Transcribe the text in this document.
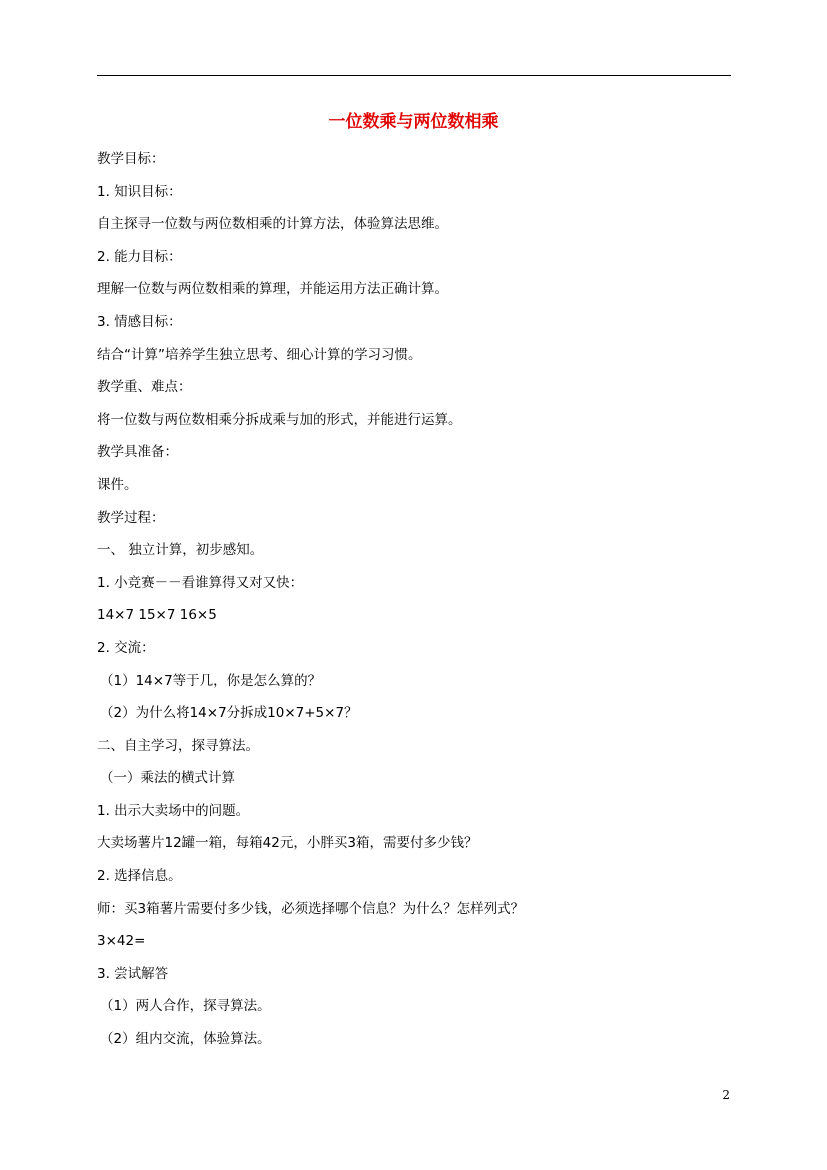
一位数乘与两位数相乘
教学目标：
1. 知识目标：
自主探寻一位数与两位数相乘的计算方法，体验算法思维。
2. 能力目标：
理解一位数与两位数相乘的算理，并能运用方法正确计算。
3. 情感目标：
结合“计算”培养学生独立思考、细心计算的学习习惯。
教学重、难点：
将一位数与两位数相乘分拆成乘与加的形式，并能进行运算。
教学具准备：
课件。
教学过程：
一、 独立计算，初步感知。
1. 小竞赛－－看谁算得又对又快：
14×7 15×7 16×5
2. 交流：
（1）14×7等于几，你是怎么算的？
（2）为什么将14×7分拆成10×7+5×7？
二、自主学习，探寻算法。
（一）乘法的横式计算
1. 出示大卖场中的问题。
大卖场薯片12罐一箱，每箱42元，小胖买3箱，需要付多少钱？
2. 选择信息。
师：买3箱薯片需要付多少钱，必须选择哪个信息？为什么？怎样列式？
3×42=
3. 尝试解答
（1）两人合作，探寻算法。
（2）组内交流，体验算法。
2
